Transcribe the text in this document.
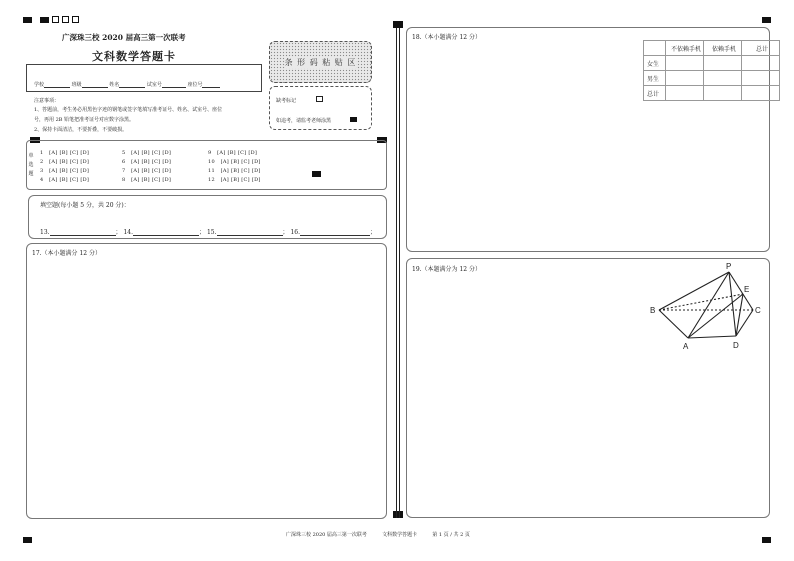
广深珠三校 2020 届高三第一次联考
文科数学答题卡
学校	班级	姓名	试室号	座位号
注意事项：
1、答题前，考生务必用黑色字迹的钢笔或签字笔填写准考证号、姓名、试室号、座位
号，再用 2B 铅笔把准考证号对应数字涂黑。
2、保持卡面清洁，不要折叠，不要破损。
条 形 码 粘 贴 区
缺考标记
如违考，请监考老师涂黑
单 选 题
1 [A] [B] [C] [D]
2 [A] [B] [C] [D]
3 [A] [B] [C] [D]
4 [A] [B] [C] [D]
5 [A] [B] [C] [D]
6 [A] [B] [C] [D]
7 [A] [B] [C] [D]
8 [A] [B] [C] [D]
9 [A] [B] [C] [D]
10 [A] [B] [C] [D]
11 [A] [B] [C] [D]
12 [A] [B] [C] [D]
填空题(每小题 5 分，共 20 分)：
13.	； 14.	； 15.	； 16.	；
17.（本小题满分 12 分）
18.（本小题满分 12 分）
	不依赖手机	依赖手机	总计
女生			
男生			
总计			
19.（本题满分为 12 分）	P
E
B	C
A	D
广深珠三校 2020 届高三第一次联考	文科数学答题卡	第 1 页 / 共 2 页
